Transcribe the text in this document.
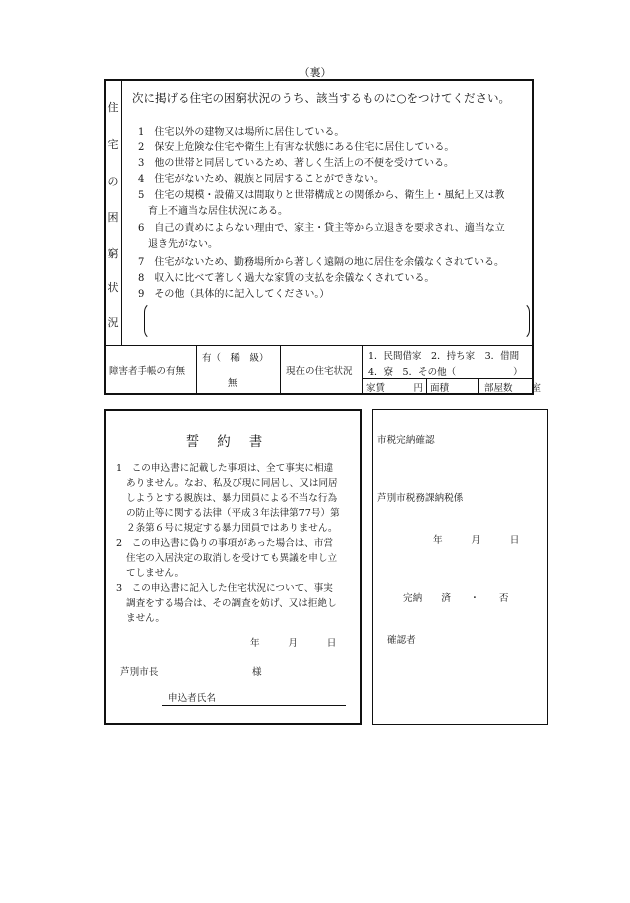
（裏）
住
宅
の
困
窮
状
況
次に掲げる住宅の困窮状況のうち、該当するものに○をつけてください。
1　住宅以外の建物又は場所に居住している。
2　保安上危険な住宅や衛生上有害な状態にある住宅に居住している。
3　他の世帯と同居しているため、著しく生活上の不便を受けている。
4　住宅がないため、親族と同居することができない。
5　住宅の規模・設備又は間取りと世帯構成との関係から、衛生上・風紀上又は教
育上不適当な居住状況にある。
6　自己の責めによらない理由で、家主・貸主等から立退きを要求され、適当な立
退き先がない。
7　住宅がないため、勤務場所から著しく遠隔の地に居住を余儀なくされている。
8　収入に比べて著しく過大な家賃の支払を余儀なくされている。
9　その他（具体的に記入してください。）
障害者手帳の有無
有（　稀　級）
無
現在の住宅状況
1．民間借家　2．持ち家　3．借間
4．寮　5．その他（　　　　　　）
家賃　　　円 面積	部屋数　　室
誓約書
1　この申込書に記載した事項は、全て事実に相違
ありません。なお、私及び現に同居し、又は同居
しようとする親族は、暴力団員による不当な行為
の防止等に関する法律（平成３年法律第77号）第
２条第６号に規定する暴力団員ではありません。
2　この申込書に偽りの事項があった場合は、市営
住宅の入居決定の取消しを受けても異議を申し立
てしません。
3　この申込書に記入した住宅状況について、事実
調査をする場合は、その調査を妨げ、又は拒絶し
ません。
年　　　月　　　日
芦別市長	様
申込者氏名
市税完納確認
芦別市税務課納税係
年　　　月　　　日
完納　　済　　・　　否
確認者
